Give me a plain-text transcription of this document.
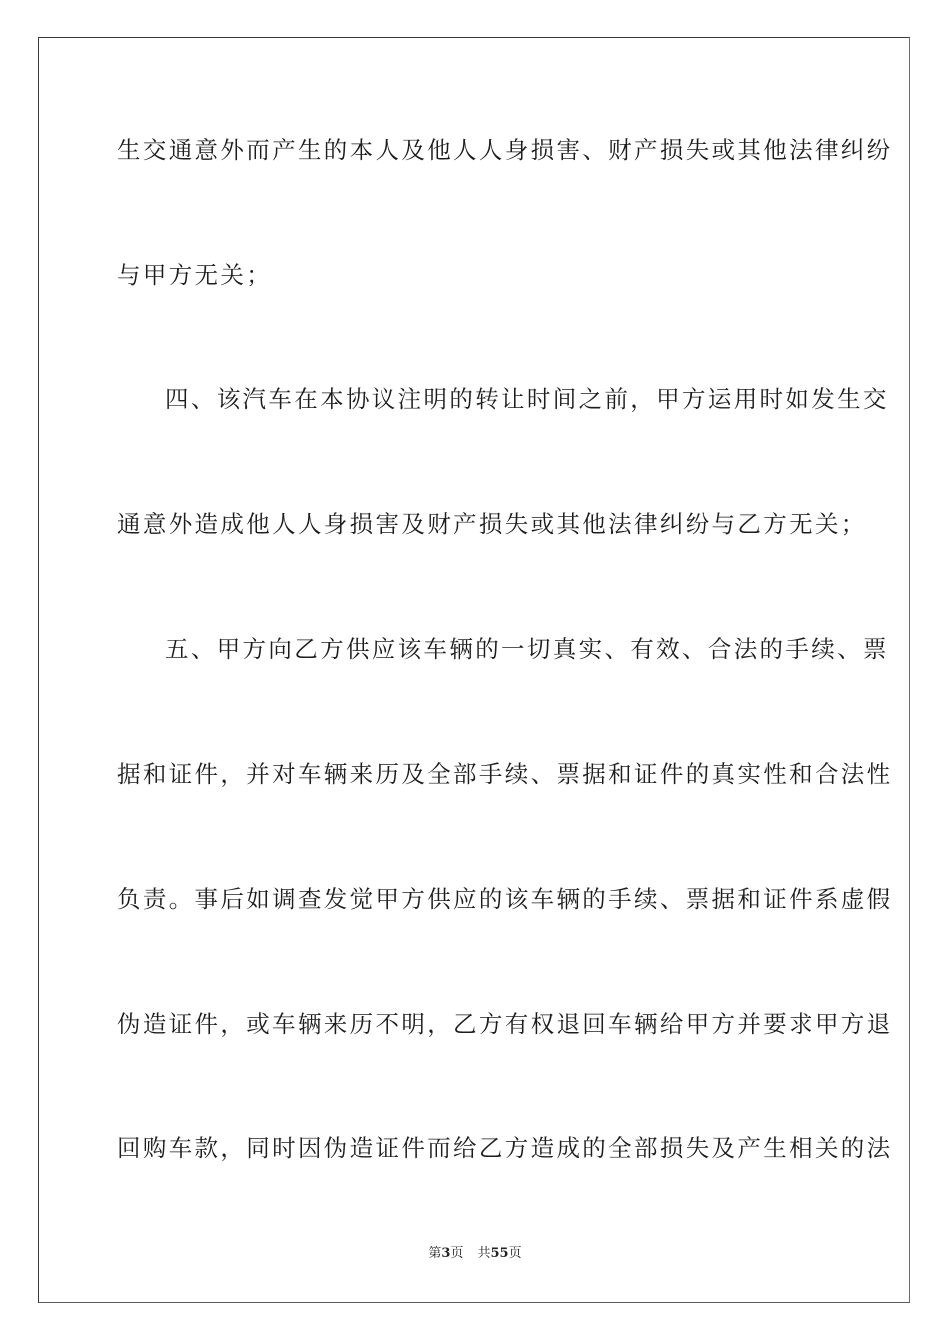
生交通意外而产生的本人及他人人身损害、财产损失或其他法律纠纷
与甲方无关；
四、该汽车在本协议注明的转让时间之前，甲方运用时如发生交
通意外造成他人人身损害及财产损失或其他法律纠纷与乙方无关；
五、甲方向乙方供应该车辆的一切真实、有效、合法的手续、票
据和证件，并对车辆来历及全部手续、票据和证件的真实性和合法性
负责。事后如调查发觉甲方供应的该车辆的手续、票据和证件系虚假
伪造证件，或车辆来历不明，乙方有权退回车辆给甲方并要求甲方退
回购车款，同时因伪造证件而给乙方造成的全部损失及产生相关的法
第3页 共55页
